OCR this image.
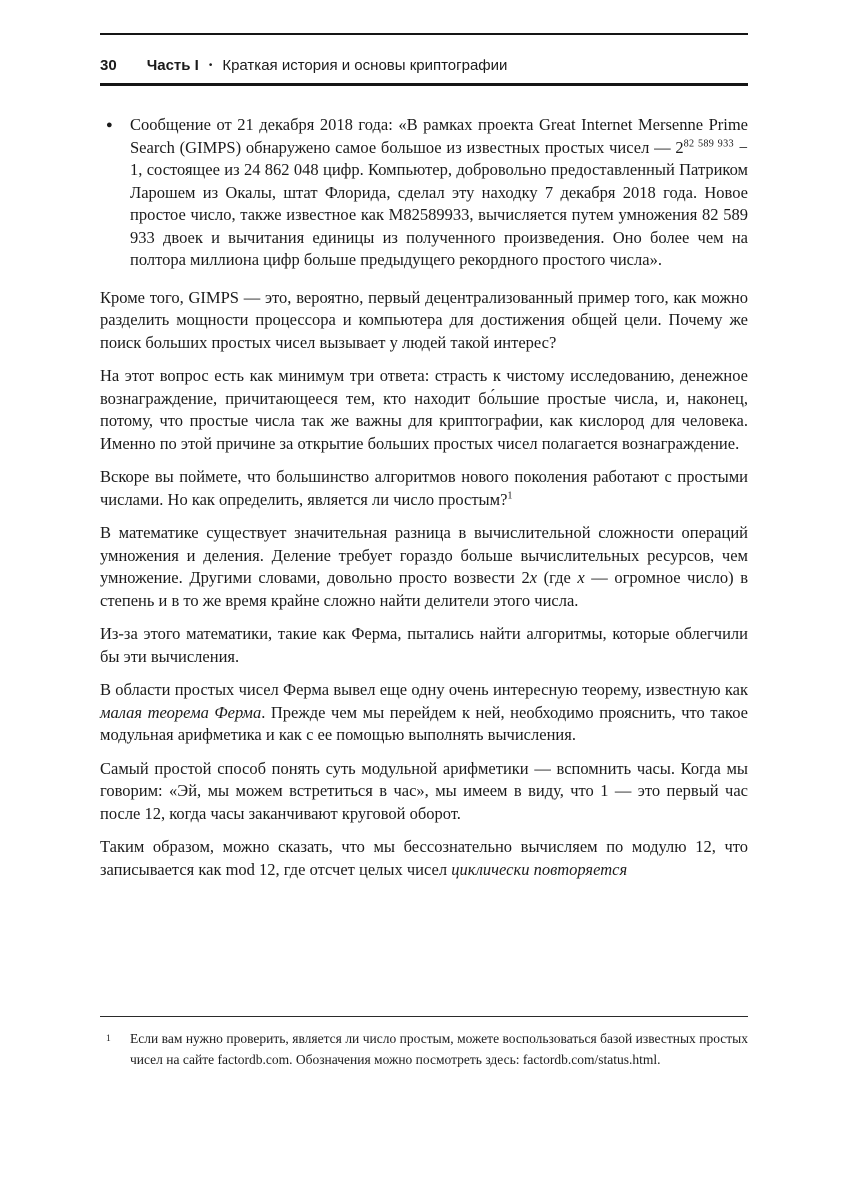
30 Часть I • Краткая история и основы криптографии

● Сообщение от 21 декабря 2018 года: «В рамках проекта Great Internet Mersenne Prime Search (GIMPS) обнаружено самое большое из известных простых чисел — $2^{82 589 933} - 1$, состоящее из 24 862 048 цифр. Компьютер, добровольно предоставленный Патриком Ларошем из Окалы, штат Флорида, сделал эту находку 7 декабря 2018 года. Новое простое число, также известное как M82589933, вычисляется путем умножения 82 589 933 двоек и вычитания единицы из полученного произведения. Оно более чем на полтора миллиона цифр больше предыдущего рекордного простого числа».

Кроме того, GIMPS — это, вероятно, первый децентрализованный пример того, как можно разделить мощности процессора и компьютера для достижения общей цели. Почему же поиск больших простых чисел вызывает у людей такой интерес?

На этот вопрос есть как минимум три ответа: страсть к чистому исследованию, денежное вознаграждение, причитающееся тем, кто находит бо́льшие простые числа, и, наконец, потому, что простые числа так же важны для криптографии, как кислород для человека. Именно по этой причине за открытие больших простых чисел полагается вознаграждение.

Вскоре вы поймете, что большинство алгоритмов нового поколения работают с простыми числами. Но как определить, является ли число простым?$^1$

В математике существует значительная разница в вычислительной сложности операций умножения и деления. Деление требует гораздо больше вычислительных ресурсов, чем умножение. Другими словами, довольно просто возвести 2x (где x — огромное число) в степень и в то же время крайне сложно найти делители этого числа.

Из-за этого математики, такие как Ферма, пытались найти алгоритмы, которые облегчили бы эти вычисления.

В области простых чисел Ферма вывел еще одну очень интересную теорему, известную как малая теорема Ферма. Прежде чем мы перейдем к ней, необходимо прояснить, что такое модульная арифметика и как с ее помощью выполнять вычисления.

Самый простой способ понять суть модульной арифметики — вспомнить часы. Когда мы говорим: «Эй, мы можем встретиться в час», мы имеем в виду, что 1 — это первый час после 12, когда часы заканчивают круговой оборот.

Таким образом, можно сказать, что мы бессознательно вычисляем по модулю 12, что записывается как mod 12, где отсчет целых чисел циклически повторяется

1 Если вам нужно проверить, является ли число простым, можете воспользоваться базой известных простых чисел на сайте factordb.com. Обозначения можно посмотреть здесь: factordb.com/status.html.
